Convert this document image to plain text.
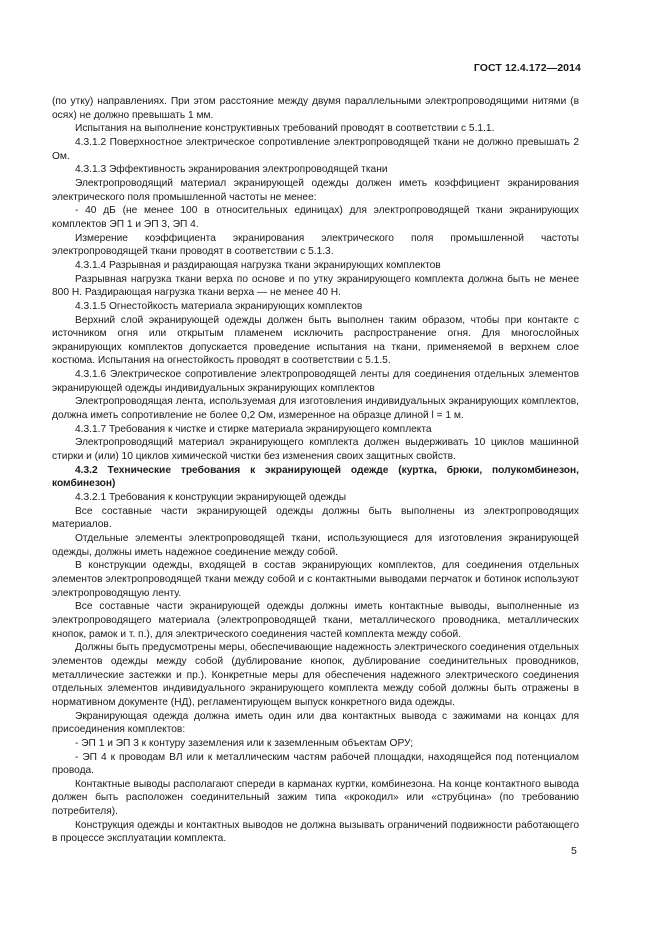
ГОСТ 12.4.172—2014

(по утку) направлениях. При этом расстояние между двумя параллельными электропроводящими нитями (в осях) не должно превышать 1 мм.

Испытания на выполнение конструктивных требований проводят в соответствии с 5.1.1.

4.3.1.2 Поверхностное электрическое сопротивление электропроводящей ткани не должно превышать 2 Ом.

4.3.1.3 Эффективность экранирования электропроводящей ткани

Электропроводящий материал экранирующей одежды должен иметь коэффициент экранирования электрического поля промышленной частоты не менее:

- 40 дБ (не менее 100 в относительных единицах) для электропроводящей ткани экранирующих комплектов ЭП 1 и ЭП 3, ЭП 4.

Измерение коэффициента экранирования электрического поля промышленной частоты электропроводящей ткани проводят в соответствии с 5.1.3.

4.3.1.4 Разрывная и раздирающая нагрузка ткани экранирующих комплектов

Разрывная нагрузка ткани верха по основе и по утку экранирующего комплекта должна быть не менее 800 Н. Раздирающая нагрузка ткани верха — не менее 40 Н.

4.3.1.5 Огнестойкость материала экранирующих комплектов

Верхний слой экранирующей одежды должен быть выполнен таким образом, чтобы при контакте с источником огня или открытым пламенем исключить распространение огня. Для многослойных экранирующих комплектов допускается проведение испытания на ткани, применяемой в верхнем слое костюма. Испытания на огнестойкость проводят в соответствии с 5.1.5.

4.3.1.6 Электрическое сопротивление электропроводящей ленты для соединения отдельных элементов экранирующей одежды индивидуальных экранирующих комплектов

Электропроводящая лента, используемая для изготовления индивидуальных экранирующих комплектов, должна иметь сопротивление не более 0,2 Ом, измеренное на образце длиной l = 1 м.

4.3.1.7 Требования к чистке и стирке материала экранирующего комплекта

Электропроводящий материал экранирующего комплекта должен выдерживать 10 циклов машинной стирки и (или) 10 циклов химической чистки без изменения своих защитных свойств.

4.3.2 Технические требования к экранирующей одежде (куртка, брюки, полукомбинезон, комбинезон)

4.3.2.1 Требования к конструкции экранирующей одежды

Все составные части экранирующей одежды должны быть выполнены из электропроводящих материалов.

Отдельные элементы электропроводящей ткани, использующиеся для изготовления экранирующей одежды, должны иметь надежное соединение между собой.

В конструкции одежды, входящей в состав экранирующих комплектов, для соединения отдельных элементов электропроводящей ткани между собой и с контактными выводами перчаток и ботинок используют электропроводящую ленту.

Все составные части экранирующей одежды должны иметь контактные выводы, выполненные из электропроводящего материала (электропроводящей ткани, металлического проводника, металлических кнопок, рамок и т. п.), для электрического соединения частей комплекта между собой.

Должны быть предусмотрены меры, обеспечивающие надежность электрического соединения отдельных элементов одежды между собой (дублирование кнопок, дублирование соединительных проводников, металлические застежки и пр.). Конкретные меры для обеспечения надежного электрического соединения отдельных элементов индивидуального экранирующего комплекта между собой должны быть отражены в нормативном документе (НД), регламентирующем выпуск конкретного вида одежды.

Экранирующая одежда должна иметь один или два контактных вывода с зажимами на концах для присоединения комплектов:

- ЭП 1 и ЭП 3 к контуру заземления или к заземленным объектам ОРУ;

- ЭП 4 к проводам ВЛ или к металлическим частям рабочей площадки, находящейся под потенциалом провода.

Контактные выводы располагают спереди в карманах куртки, комбинезона. На конце контактного вывода должен быть расположен соединительный зажим типа «крокодил» или «струбцина» (по требованию потребителя).

Конструкция одежды и контактных выводов не должна вызывать ограничений подвижности работающего в процессе эксплуатации комплекта.

5
